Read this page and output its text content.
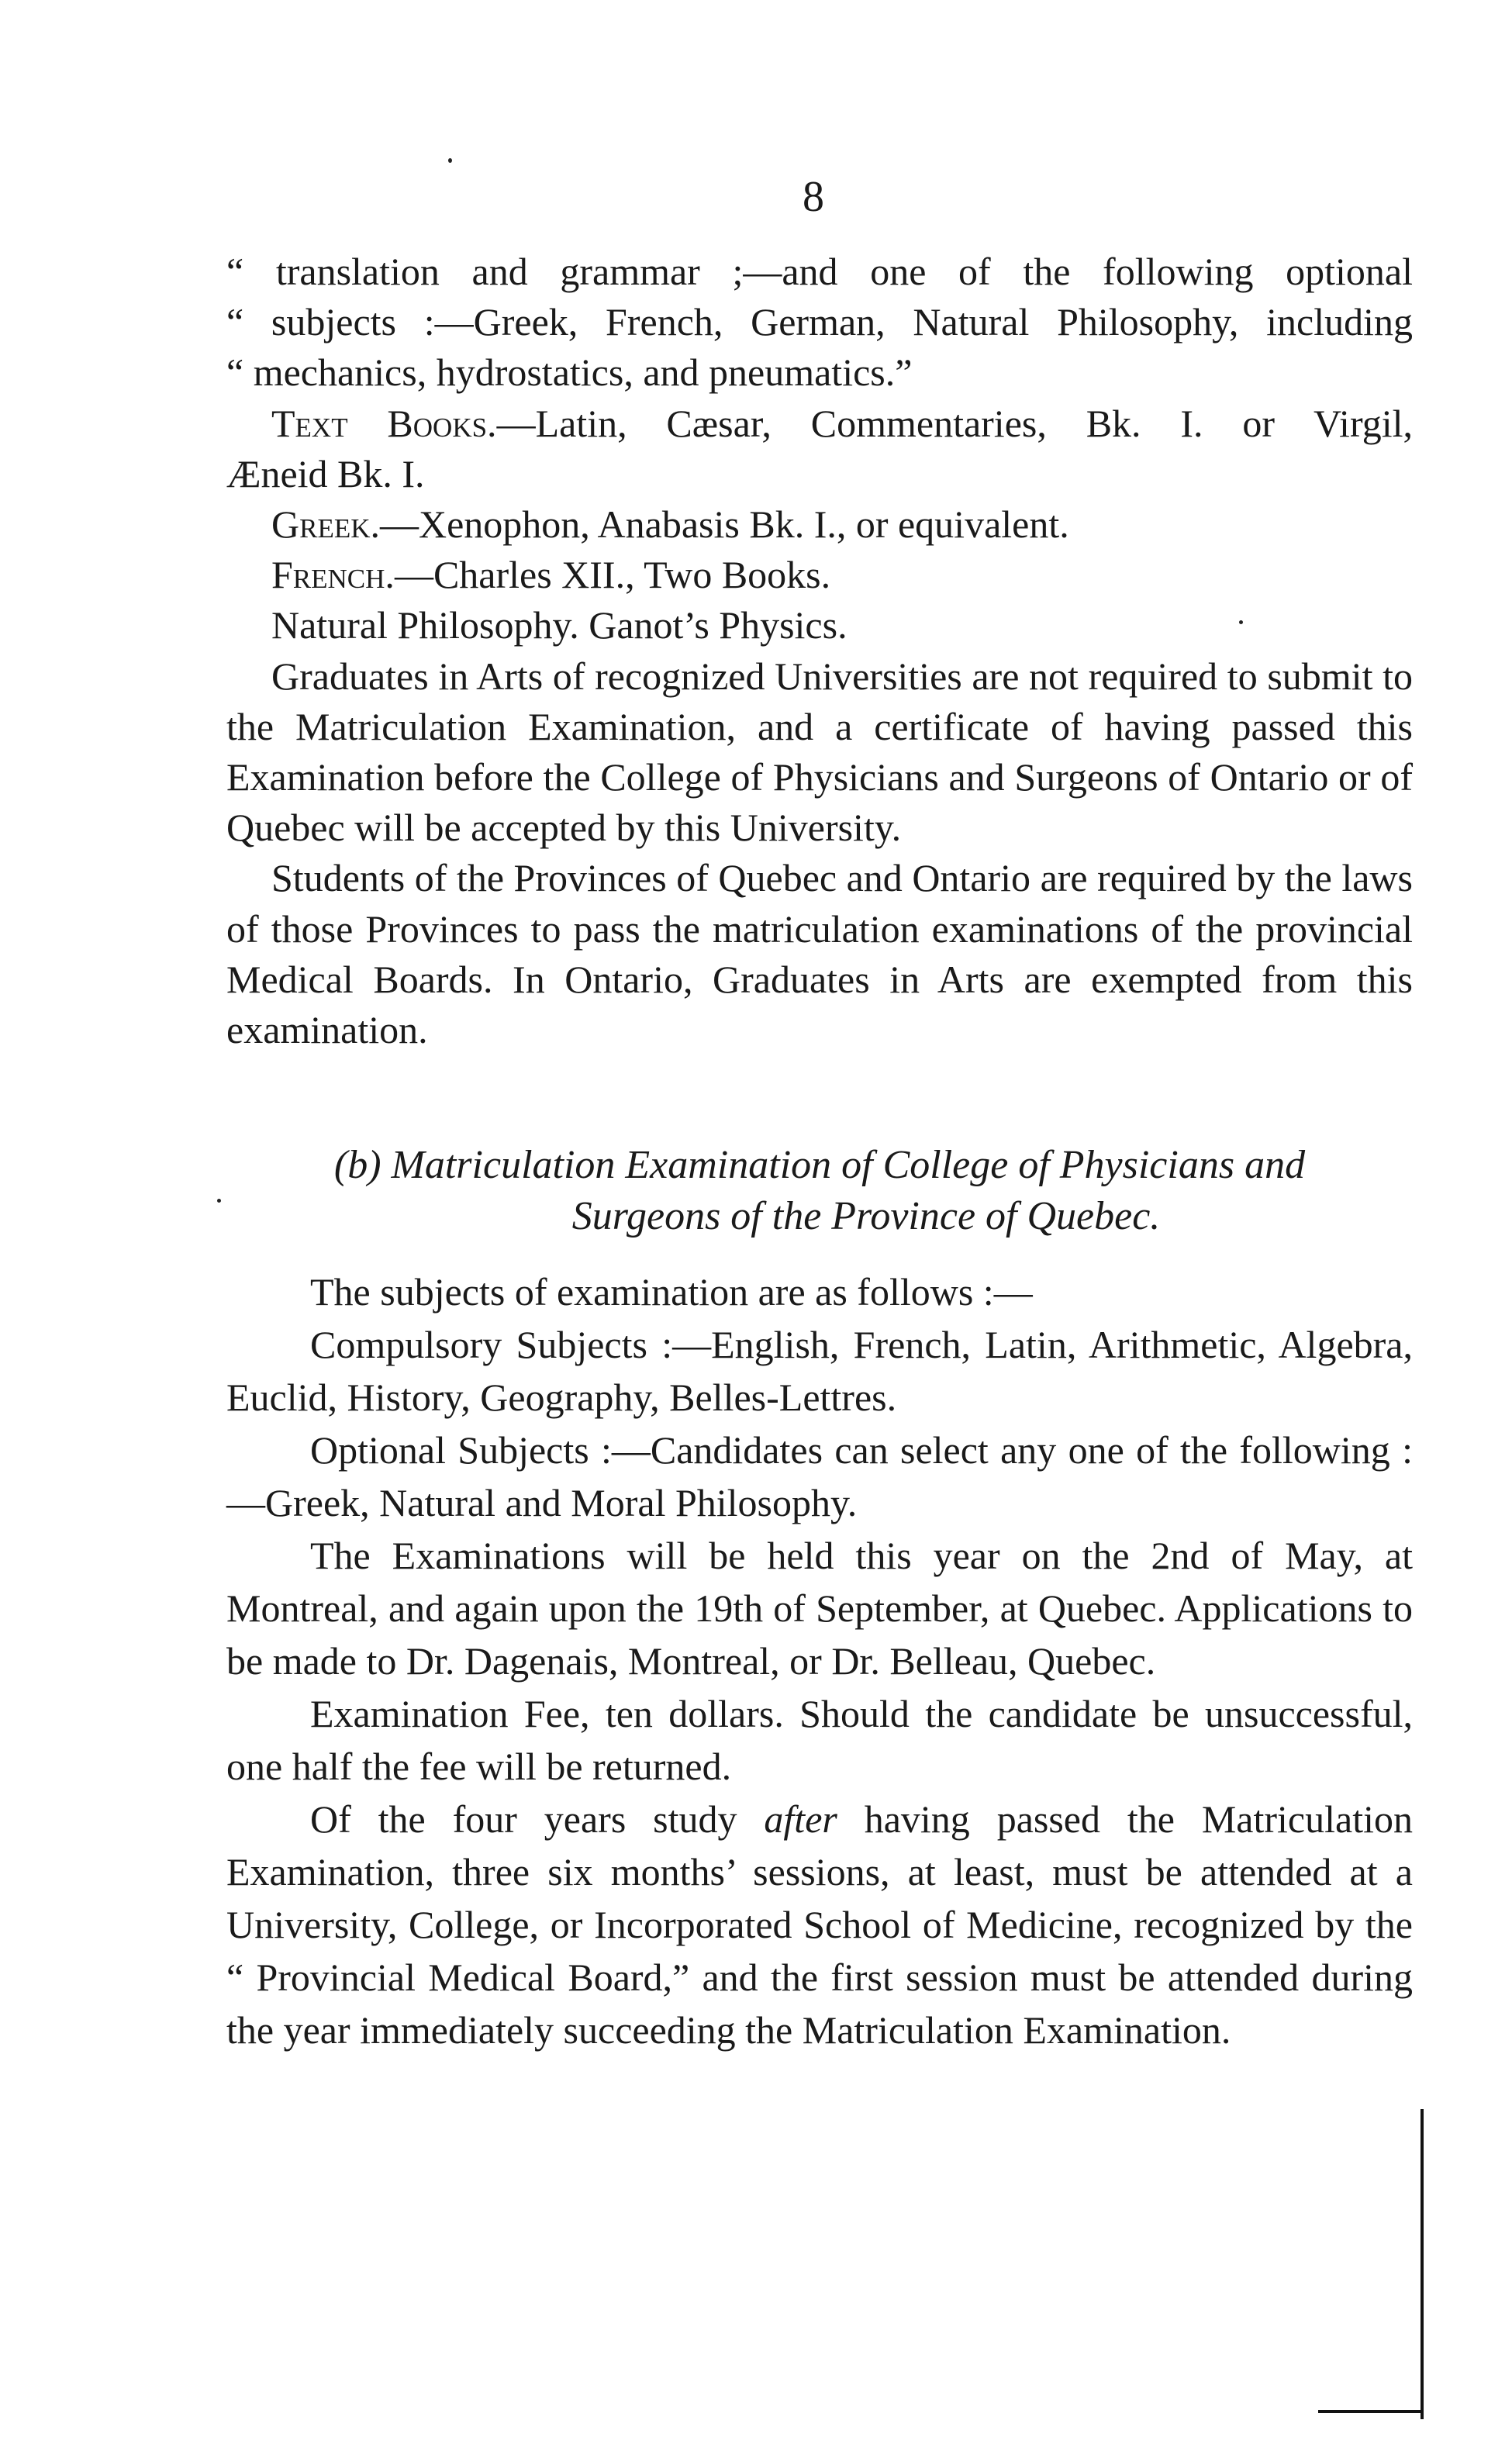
8
“ translation and grammar ;—and one of the following optional
“ subjects :—Greek, French, German, Natural Philosophy, including
“ mechanics, hydrostatics, and pneumatics.”
Text Books.—Latin, Cæsar, Commentaries, Bk. I. or Virgil,
Æneid Bk. I.
Greek.—Xenophon, Anabasis Bk. I., or equivalent.
French.—Charles XII., Two Books.
Natural Philosophy. Ganot’s Physics.

Graduates in Arts of recognized Universities are not required to submit to the Matriculation Examination, and a certificate of having passed this Examination before the College of Physicians and Surgeons of Ontario or of Quebec will be accepted by this University.

Students of the Provinces of Quebec and Ontario are required by the laws of those Provinces to pass the matriculation examinations of the provincial Medical Boards. In Ontario, Graduates in Arts are exempted from this examination.

(b) Matriculation Examination of College of Physicians and
Surgeons of the Province of Quebec.

The subjects of examination are as follows :—

Compulsory Subjects :—English, French, Latin, Arithmetic, Algebra, Euclid, History, Geography, Belles-Lettres.

Optional Subjects :—Candidates can select any one of the following :—Greek, Natural and Moral Philosophy.

The Examinations will be held this year on the 2nd of May, at Montreal, and again upon the 19th of September, at Quebec. Applications to be made to Dr. Dagenais, Montreal, or Dr. Belleau, Quebec.

Examination Fee, ten dollars. Should the candidate be unsuccessful, one half the fee will be returned.

Of the four years study after having passed the Matriculation Examination, three six months’ sessions, at least, must be attended at a University, College, or Incorporated School of Medicine, recognized by the “ Provincial Medical Board,” and the first session must be attended during the year immediately succeeding the Matriculation Examination.
